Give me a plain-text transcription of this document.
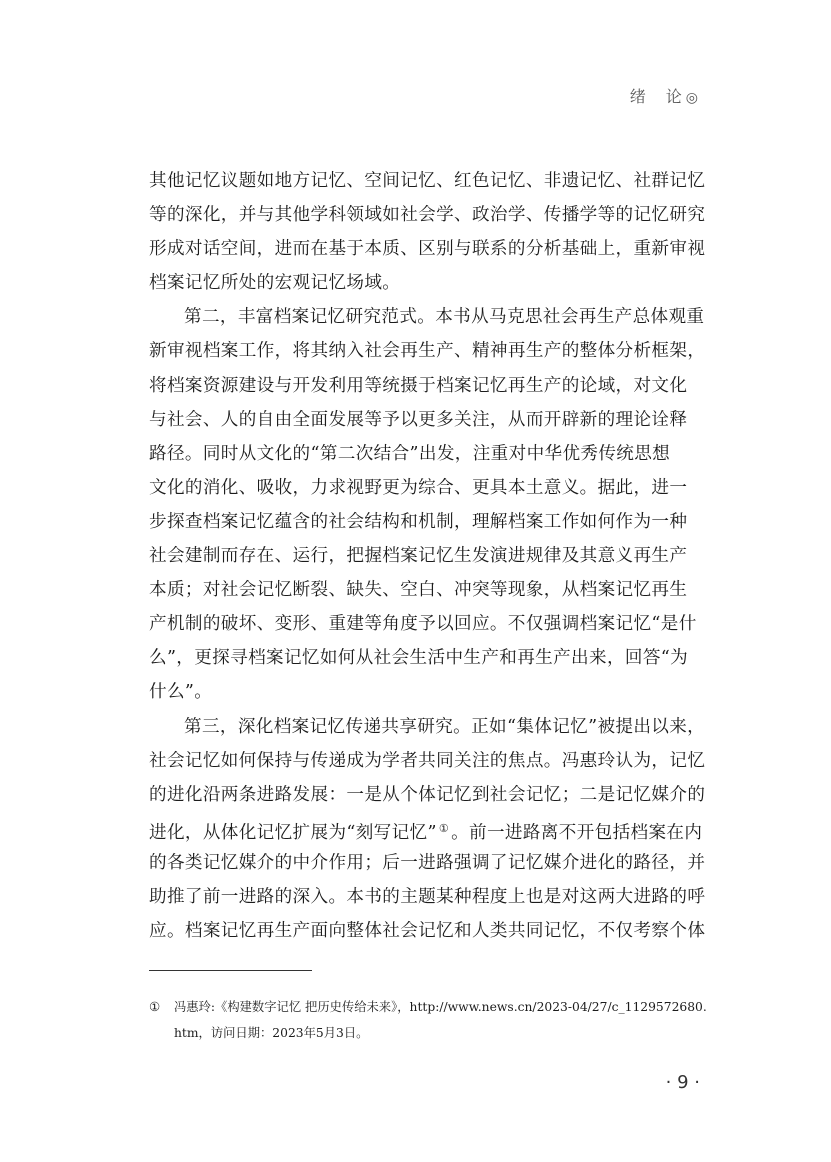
绪 论 ◎
其他记忆议题如地方记忆、空间记忆、红色记忆、非遗记忆、社群记忆
等的深化，并与其他学科领域如社会学、政治学、传播学等的记忆研究
形成对话空间，进而在基于本质、区别与联系的分析基础上，重新审视
档案记忆所处的宏观记忆场域。
第二，丰富档案记忆研究范式。本书从马克思社会再生产总体观重
新审视档案工作，将其纳入社会再生产、精神再生产的整体分析框架，
将档案资源建设与开发利用等统摄于档案记忆再生产的论域，对文化
与社会、人的自由全面发展等予以更多关注，从而开辟新的理论诠释
路径。同时从文化的“第二次结合”出发，注重对中华优秀传统思想
文化的消化、吸收，力求视野更为综合、更具本土意义。据此，进一
步探查档案记忆蕴含的社会结构和机制，理解档案工作如何作为一种
社会建制而存在、运行，把握档案记忆生发演进规律及其意义再生产
本质；对社会记忆断裂、缺失、空白、冲突等现象，从档案记忆再生
产机制的破坏、变形、重建等角度予以回应。不仅强调档案记忆“是什
么”，更探寻档案记忆如何从社会生活中生产和再生产出来，回答“为
什么”。
第三，深化档案记忆传递共享研究。正如“集体记忆”被提出以来，
社会记忆如何保持与传递成为学者共同关注的焦点。冯惠玲认为，记忆
的进化沿两条进路发展：一是从个体记忆到社会记忆；二是记忆媒介的
进化，从体化记忆扩展为“刻写记忆” ① 。前一进路离不开包括档案在内
的各类记忆媒介的中介作用；后一进路强调了记忆媒介进化的路径，并
助推了前一进路的深入。本书的主题某种程度上也是对这两大进路的呼
应。档案记忆再生产面向整体社会记忆和人类共同记忆，不仅考察个体
① 冯惠玲:《构建数字记忆 把历史传给未来》，http://www.news.cn/2023-04/27/c_1129572680.
htm，访问日期：2023年5月3日。
· 9 ·
